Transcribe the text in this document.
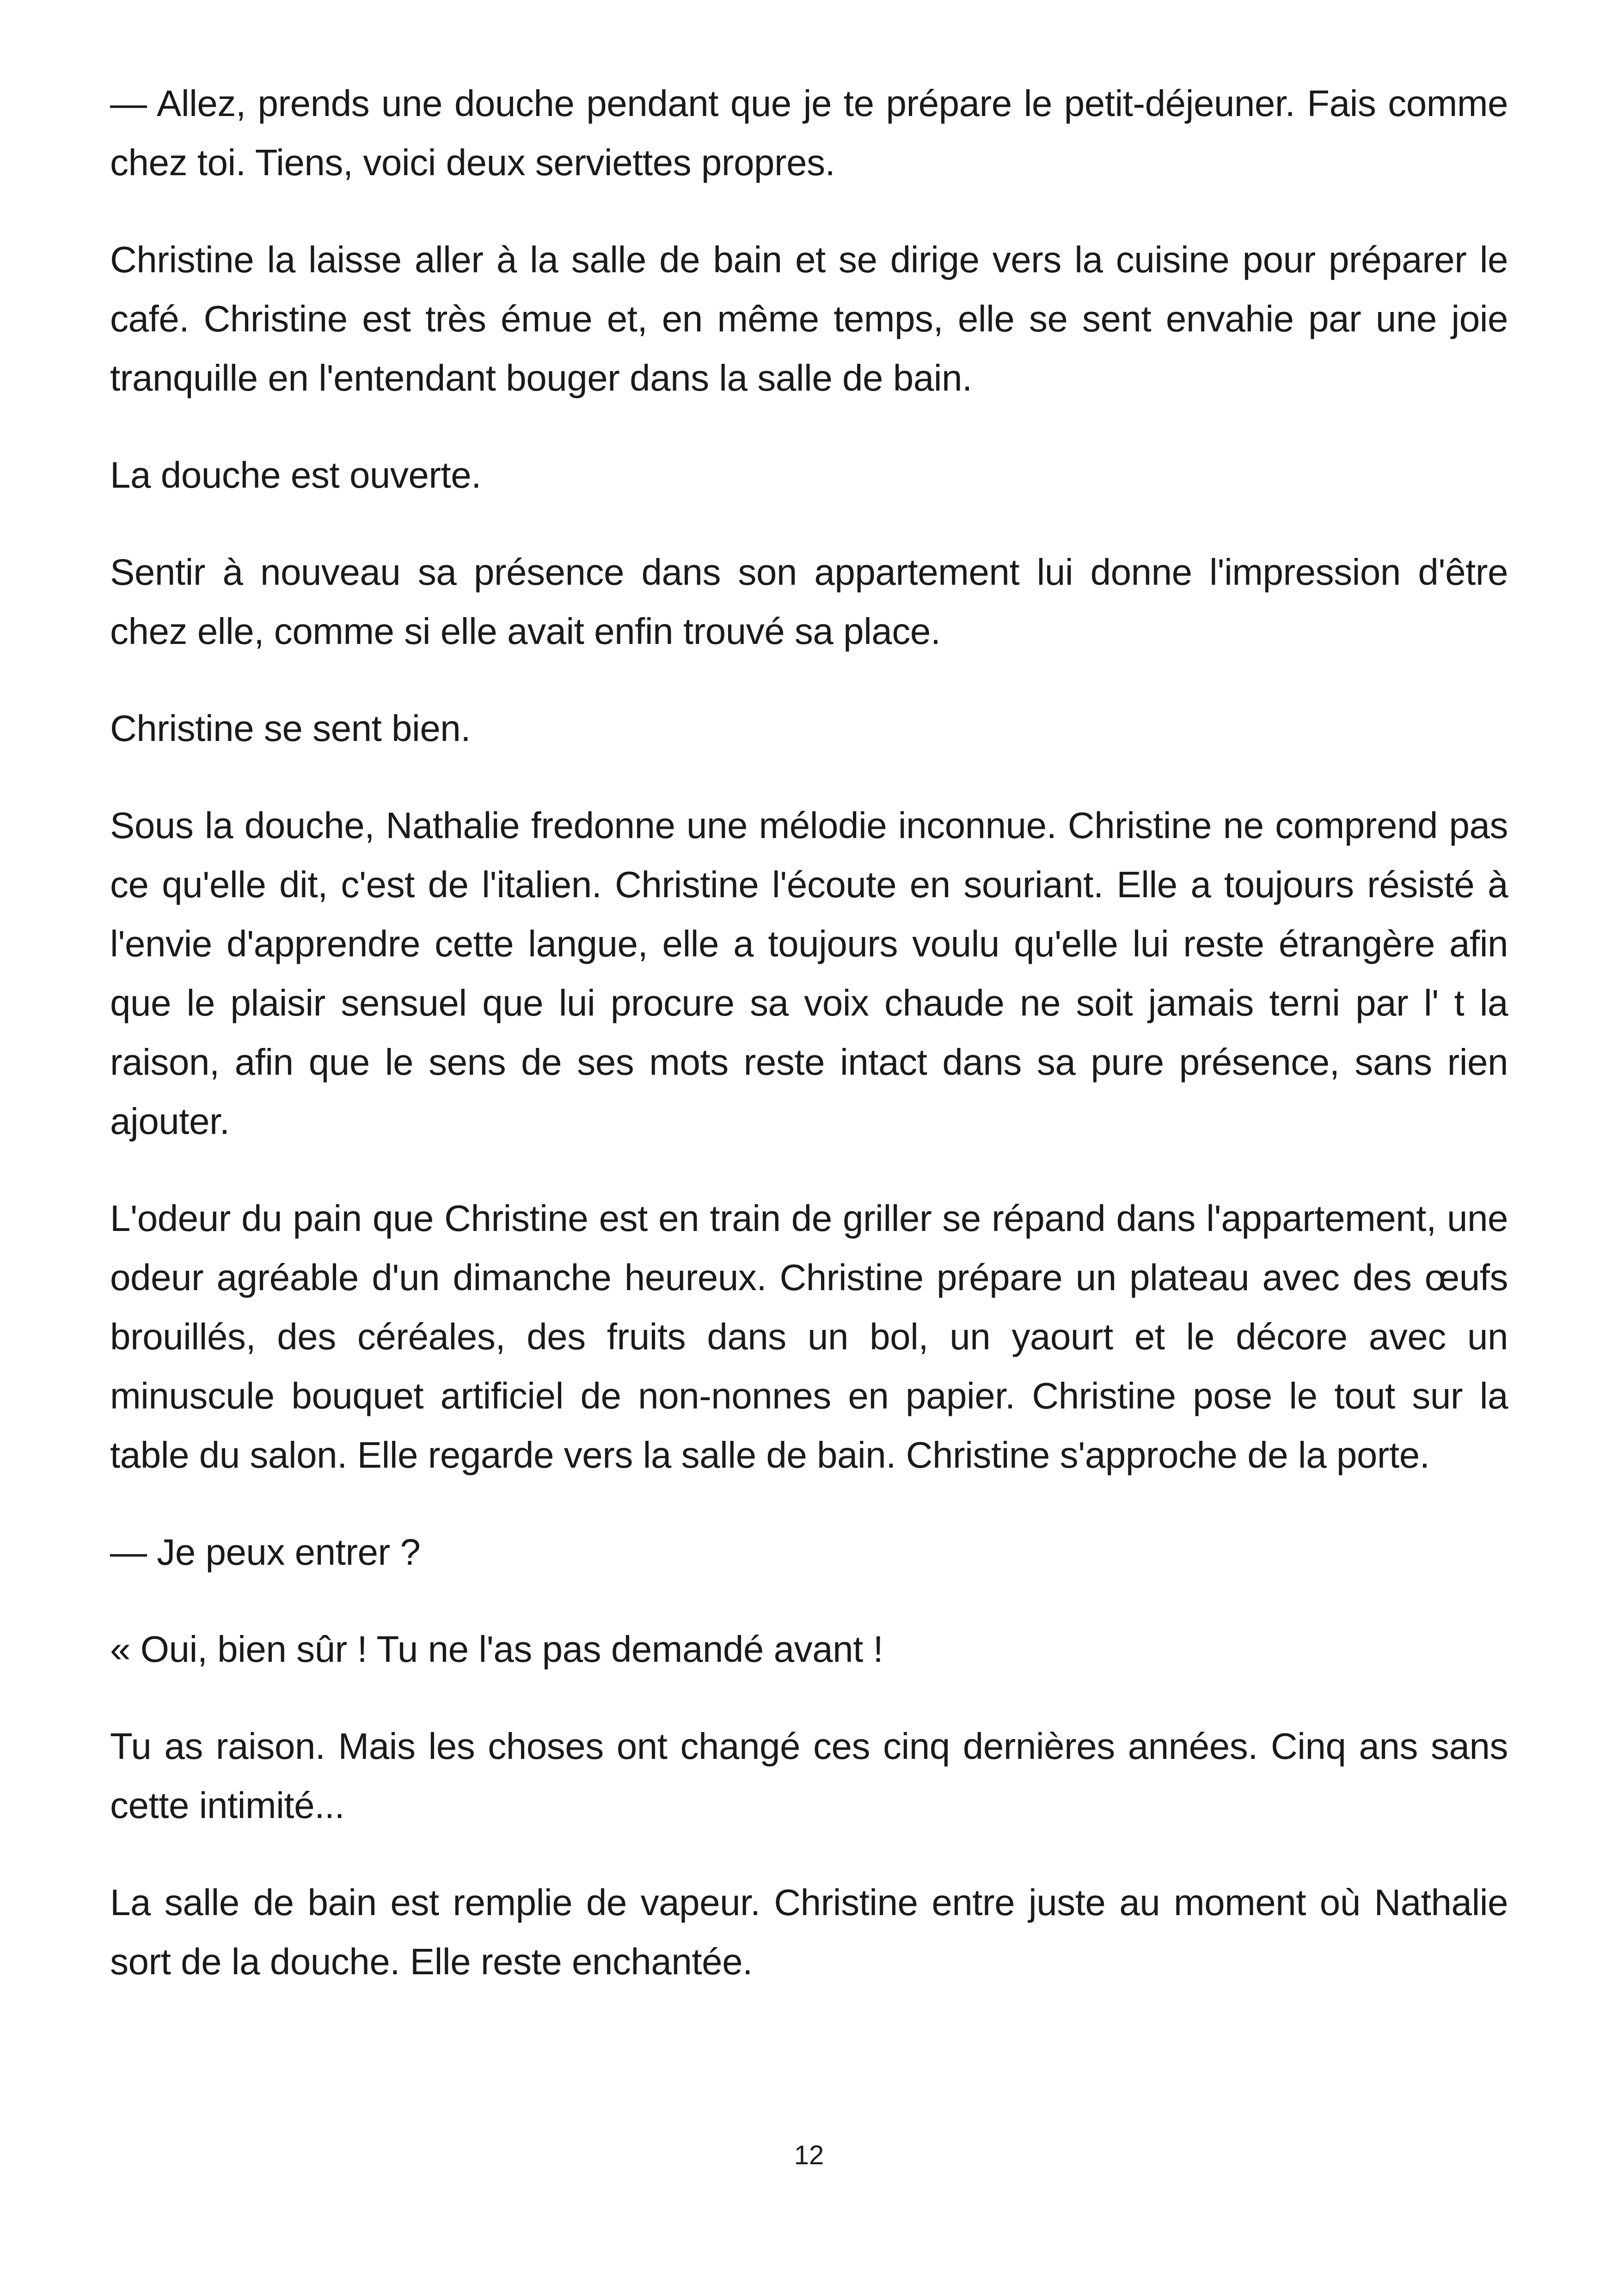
— Allez, prends une douche pendant que je te prépare le petit-déjeuner. Fais comme chez toi. Tiens, voici deux serviettes propres.

Christine la laisse aller à la salle de bain et se dirige vers la cuisine pour préparer le café. Christine est très émue et, en même temps, elle se sent envahie par une joie tranquille en l'entendant bouger dans la salle de bain.

La douche est ouverte.

Sentir à nouveau sa présence dans son appartement lui donne l'impression d'être chez elle, comme si elle avait enfin trouvé sa place.

Christine se sent bien.

Sous la douche, Nathalie fredonne une mélodie inconnue. Christine ne comprend pas ce qu'elle dit, c'est de l'italien. Christine l'écoute en souriant. Elle a toujours résisté à l'envie d'apprendre cette langue, elle a toujours voulu qu'elle lui reste étrangère afin que le plaisir sensuel que lui procure sa voix chaude ne soit jamais terni par l' t la raison, afin que le sens de ses mots reste intact dans sa pure présence, sans rien ajouter.

L'odeur du pain que Christine est en train de griller se répand dans l'appartement, une odeur agréable d'un dimanche heureux. Christine prépare un plateau avec des œufs brouillés, des céréales, des fruits dans un bol, un yaourt et le décore avec un minuscule bouquet artificiel de non-nonnes en papier. Christine pose le tout sur la table du salon. Elle regarde vers la salle de bain. Christine s'approche de la porte.

— Je peux entrer ?

« Oui, bien sûr ! Tu ne l'as pas demandé avant !

Tu as raison. Mais les choses ont changé ces cinq dernières années. Cinq ans sans cette intimité...

La salle de bain est remplie de vapeur. Christine entre juste au moment où Nathalie sort de la douche. Elle reste enchantée.

12
